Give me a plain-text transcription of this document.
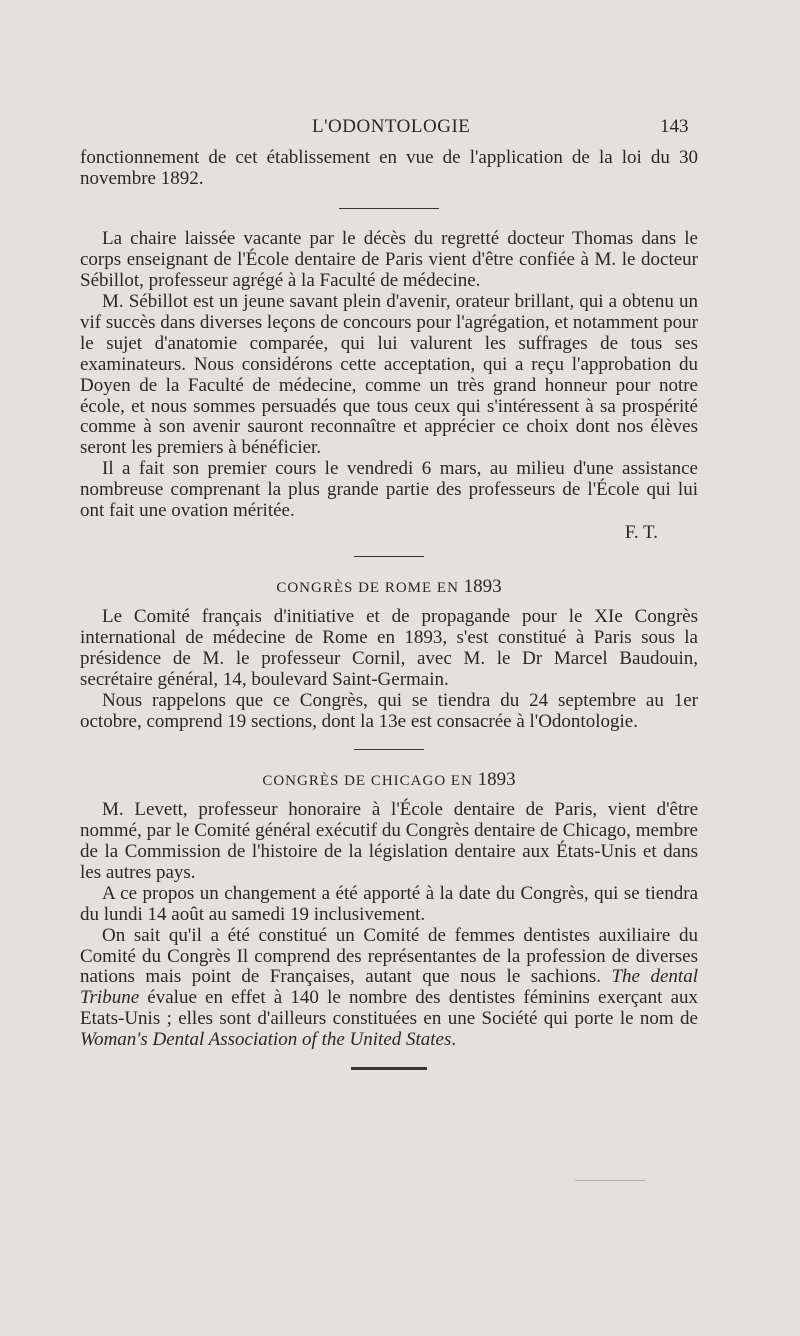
L'ODONTOLOGIE	143

fonctionnement de cet établissement en vue de l'application de la loi du 30 novembre 1892.

La chaire laissée vacante par le décès du regretté docteur Thomas dans le corps enseignant de l'École dentaire de Paris vient d'être confiée à M. le docteur Sébillot, professeur agrégé à la Faculté de médecine.

M. Sébillot est un jeune savant plein d'avenir, orateur brillant, qui a obtenu un vif succès dans diverses leçons de concours pour l'agrégation, et notamment pour le sujet d'anatomie comparée, qui lui valurent les suffrages de tous ses examinateurs. Nous considérons cette acceptation, qui a reçu l'approbation du Doyen de la Faculté de médecine, comme un très grand honneur pour notre école, et nous sommes persuadés que tous ceux qui s'intéressent à sa prospérité comme à son avenir sauront reconnaître et apprécier ce choix dont nos élèves seront les premiers à bénéficier.

Il a fait son premier cours le vendredi 6 mars, au milieu d'une assistance nombreuse comprenant la plus grande partie des professeurs de l'École qui lui ont fait une ovation méritée.

F. T.

CONGRÈS DE ROME EN 1893

Le Comité français d'initiative et de propagande pour le XIe Congrès international de médecine de Rome en 1893, s'est constitué à Paris sous la présidence de M. le professeur Cornil, avec M. le Dr Marcel Baudouin, secrétaire général, 14, boulevard Saint-Germain.

Nous rappelons que ce Congrès, qui se tiendra du 24 septembre au 1er octobre, comprend 19 sections, dont la 13e est consacrée à l'Odontologie.

CONGRÈS DE CHICAGO EN 1893

M. Levett, professeur honoraire à l'École dentaire de Paris, vient d'être nommé, par le Comité général exécutif du Congrès dentaire de Chicago, membre de la Commission de l'histoire de la législation dentaire aux États-Unis et dans les autres pays.

A ce propos un changement a été apporté à la date du Congrès, qui se tiendra du lundi 14 août au samedi 19 inclusivement.

On sait qu'il a été constitué un Comité de femmes dentistes auxiliaire du Comité du Congrès Il comprend des représentantes de la profession de diverses nations mais point de Françaises, autant que nous le sachions. The dental Tribune évalue en effet à 140 le nombre des dentistes féminins exerçant aux Etats-Unis ; elles sont d'ailleurs constituées en une Société qui porte le nom de Woman's Dental Association of the United States.
